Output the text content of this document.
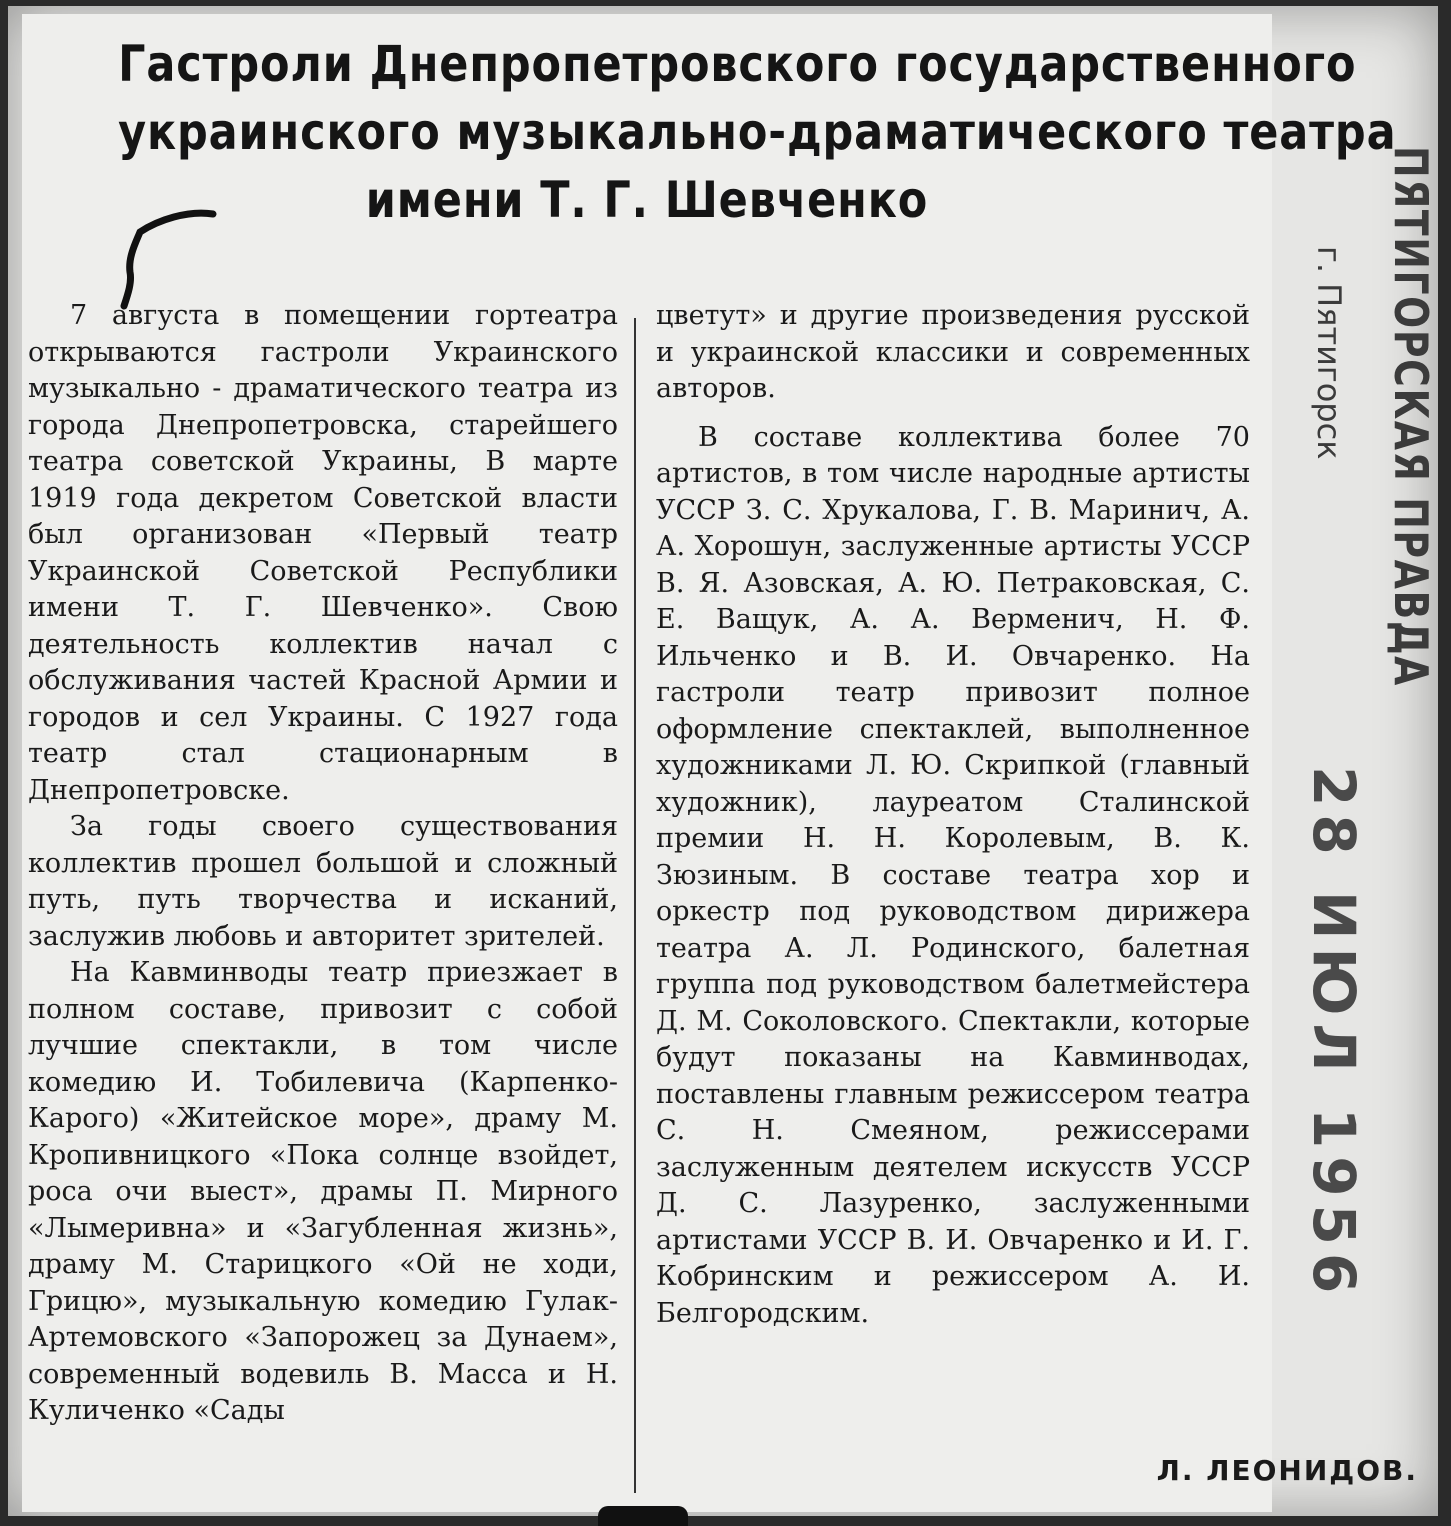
Гастроли Днепропетровского государственного
украинского музыкально-драматического театра
имени Т. Г. Шевченко

7 августа в помещении гортеатра открываются гастроли Украинского музыкально - драматического театра из города Днепропетровска, старейшего театра советской Украины, В марте 1919 года декретом Советской власти был организован «Первый театр Украинской Советской Республики имени Т. Г. Шевченко». Свою деятельность коллектив начал с обслуживания частей Красной Армии и городов и сел Украины. С 1927 года театр стал стационарным в Днепропетровске.

За годы своего существования коллектив прошел большой и сложный путь, путь творчества и исканий, заслужив любовь и авторитет зрителей.

На Кавминводы театр приезжает в полном составе, привозит с собой лучшие спектакли, в том числе комедию И. Тобилевича (Карпенко-Карого) «Житейское море», драму М. Кропивницкого «Пока солнце взойдет, роса очи выест», драмы П. Мирного «Лымеривна» и «Загубленная жизнь», драму М. Старицкого «Ой не ходи, Грицю», музыкальную комедию Гулак-Артемовского «Запорожец за Дунаем», современный водевиль В. Масса и Н. Куличенко «Сады

цветут» и другие произведения русской и украинской классики и современных авторов.

В составе коллектива более 70 артистов, в том числе народные артисты УССР З. С. Хрукалова, Г. В. Маринич, А. А. Хорошун, заслуженные артисты УССР В. Я. Азовская, А. Ю. Петраковская, С. Е. Ващук, А. А. Верменич, Н. Ф. Ильченко и В. И. Овчаренко. На гастроли театр привозит полное оформление спектаклей, выполненное художниками Л. Ю. Скрипкой (главный художник), лауреатом Сталинской премии Н. Н. Королевым, В. К. Зюзиным. В составе театра хор и оркестр под руководством дирижера театра А. Л. Родинского, балетная группа под руководством балетмейстера Д. М. Соколовского. Спектакли, которые будут показаны на Кавминводах, поставлены главным режиссером театра С. Н. Смеяном, режиссерами заслуженным деятелем искусств УССР Д. С. Лазуренко, заслуженными артистами УССР В. И. Овчаренко и И. Г. Кобринским и режиссером А. И. Белгородским.

Л. ЛЕОНИДОВ.
ПЯТИГОРСКАЯ ПРАВДА
г. Пятигорск
28 ИЮЛ 1956
